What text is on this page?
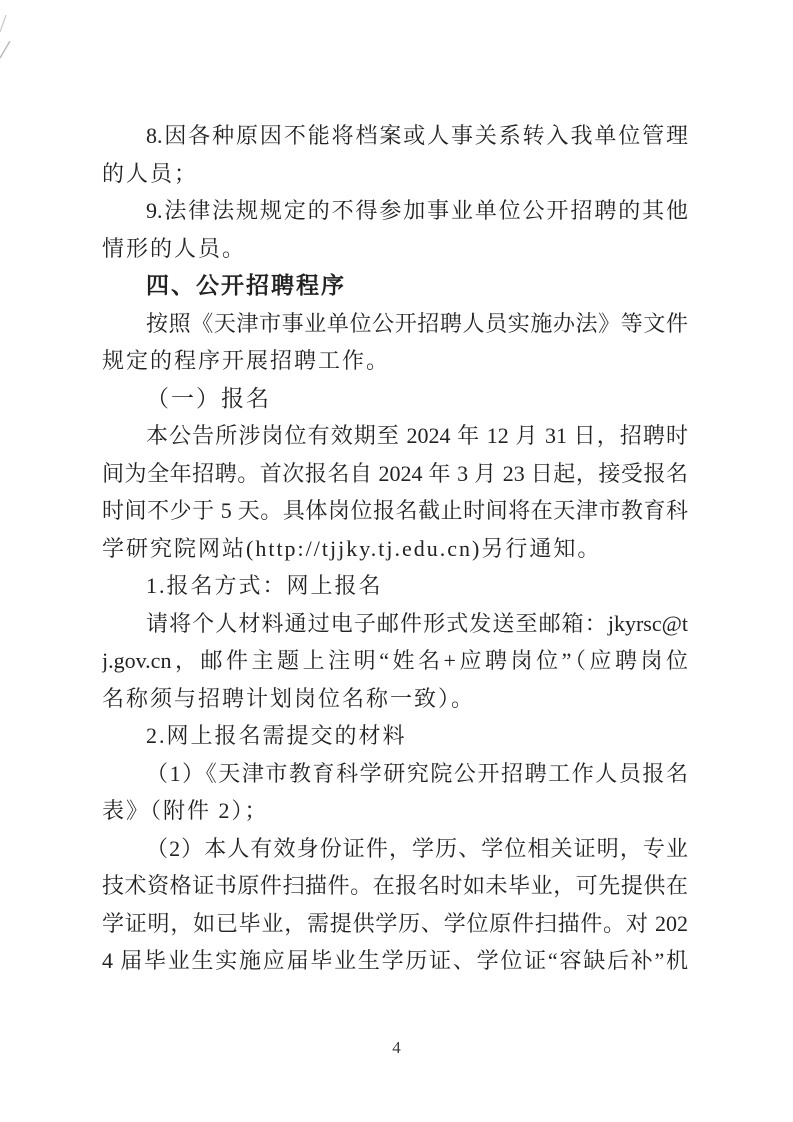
8.因各种原因不能将档案或人事关系转入我单位管理
的人员；
9.法律法规规定的不得参加事业单位公开招聘的其他
情形的人员。
四、公开招聘程序
按照《天津市事业单位公开招聘人员实施办法》等文件
规定的程序开展招聘工作。
（一）报名
本公告所涉岗位有效期至 2024 年 12 月 31 日，招聘时
间为全年招聘。首次报名自 2024 年 3 月 23 日起，接受报名
时间不少于 5 天。具体岗位报名截止时间将在天津市教育科
学研究院网站(http://tjjky.tj.edu.cn)另行通知。
1.报名方式：网上报名
请将个人材料通过电子邮件形式发送至邮箱：jkyrsc@t
j.gov.cn，邮件主题上注明“姓名+应聘岗位”（应聘岗位
名称须与招聘计划岗位名称一致）。
2.网上报名需提交的材料
（1）《天津市教育科学研究院公开招聘工作人员报名
表》（附件 2）；
（2）本人有效身份证件，学历、学位相关证明，专业
技术资格证书原件扫描件。在报名时如未毕业，可先提供在
学证明，如已毕业，需提供学历、学位原件扫描件。对 202
4 届毕业生实施应届毕业生学历证、学位证“容缺后补”机
4
